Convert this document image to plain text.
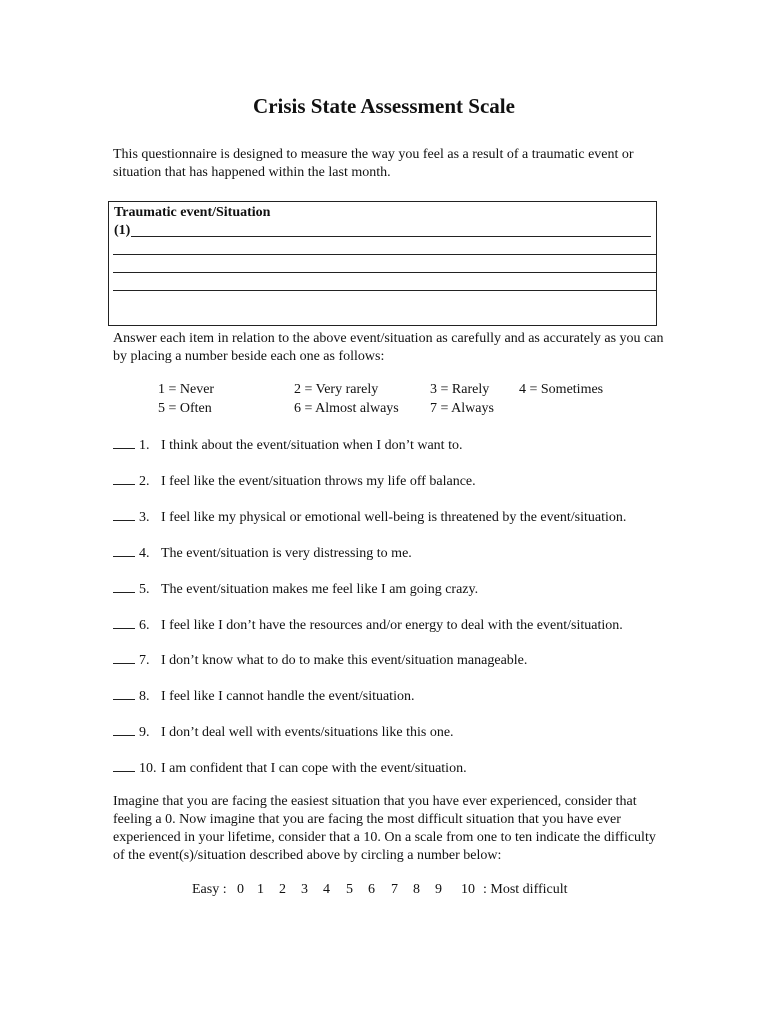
Crisis State Assessment Scale
This questionnaire is designed to measure the way you feel as a result of a traumatic event or situation that has happened within the last month.
Traumatic event/Situation
(1)
Answer each item in relation to the above event/situation as carefully and as accurately as you can by placing a number beside each one as follows:
1 = Never	2 = Very rarely	3 = Rarely 4 = Sometimes
5 = Often	6 = Almost always 7 = Always
1. I think about the event/situation when I don’t want to.
2. I feel like the event/situation throws my life off balance.
3. I feel like my physical or emotional well-being is threatened by the event/situation.
4. The event/situation is very distressing to me.
5. The event/situation makes me feel like I am going crazy.
6. I feel like I don’t have the resources and/or energy to deal with the event/situation.
7. I don’t know what to do to make this event/situation manageable.
8. I feel like I cannot handle the event/situation.
9. I don’t deal well with events/situations like this one.
10. I am confident that I can cope with the event/situation.
Imagine that you are facing the easiest situation that you have ever experienced, consider that feeling a 0. Now imagine that you are facing the most difficult situation that you have ever experienced in your lifetime, consider that a 10. On a scale from one to ten indicate the difficulty of the event(s)/situation described above by circling a number below:
Easy : 0 1 2 3 4 5 6 7 8 9 10 : Most difficult
